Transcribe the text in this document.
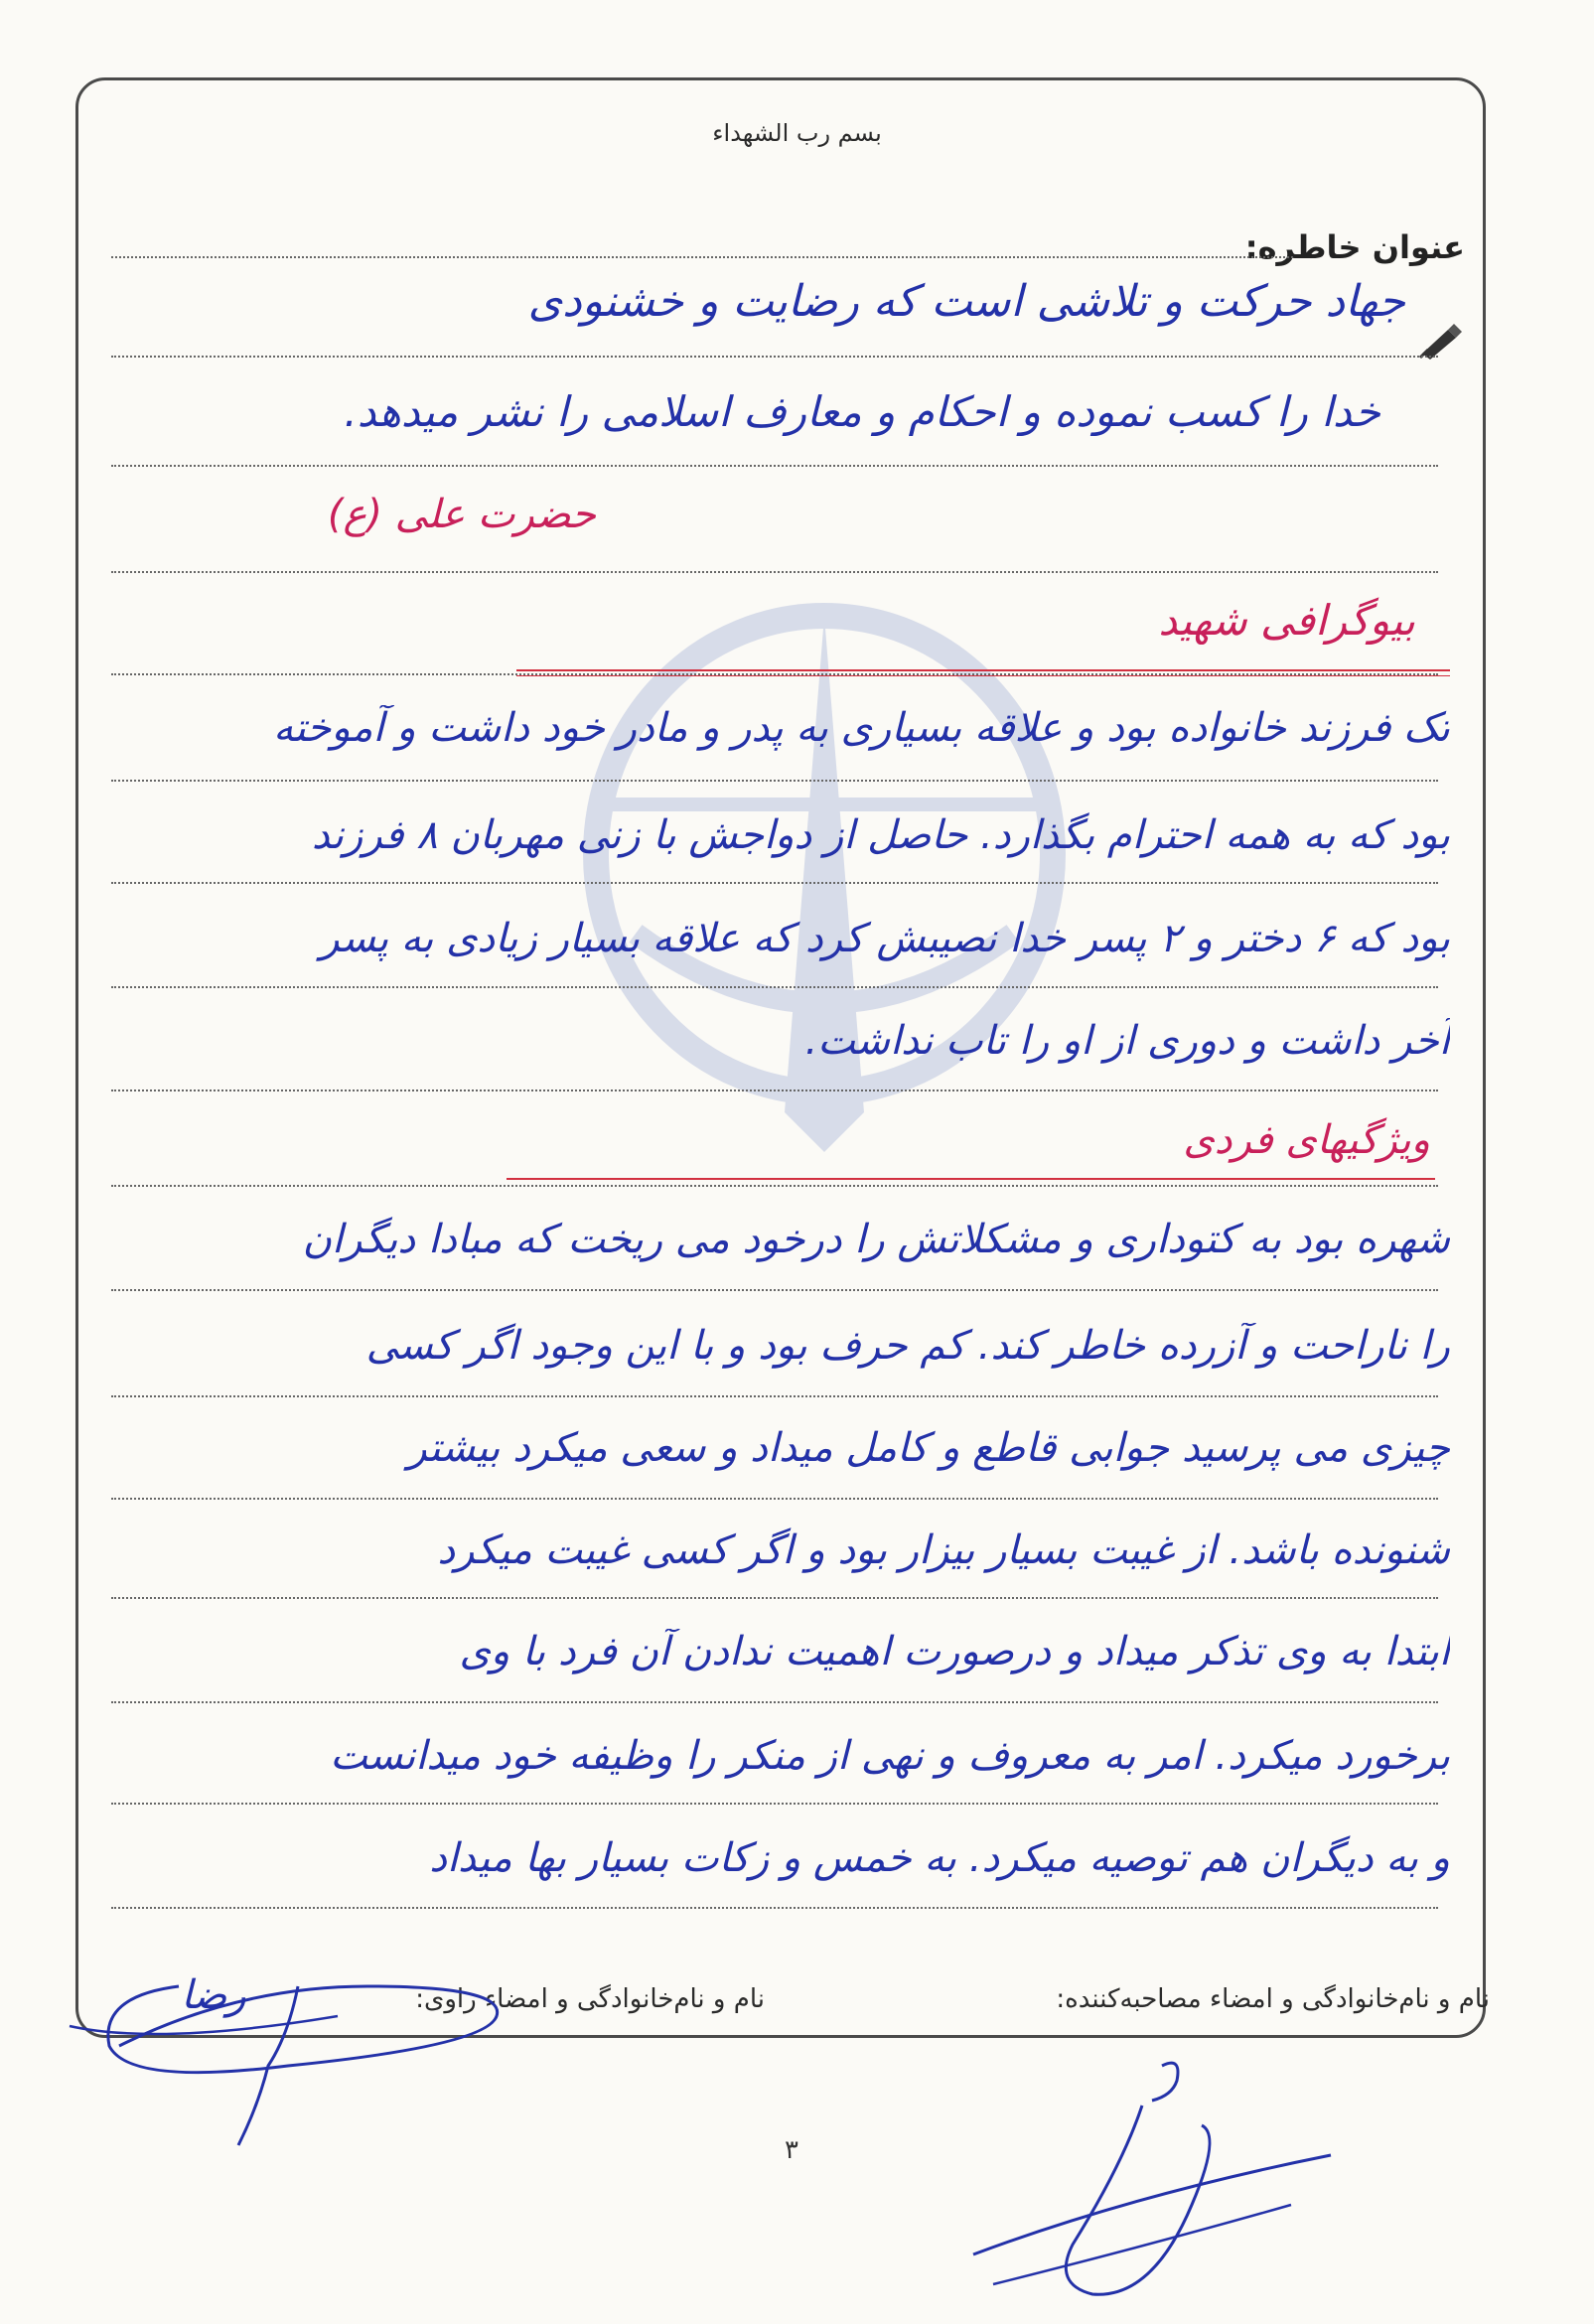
بسم رب الشهداء
عنوان خاطره:
جهاد حرکت و تلاشی است که رضایت و خشنودی
خدا را کسب نموده و احکام و معارف اسلامی را نشر میدهد.
حضرت علی (ع)
بیوگرافی شهید
تک فرزند خانواده بود و علاقه بسیاری به پدر و مادر خود داشت و آموخته
بود که به همه احترام بگذارد. حاصل از دواجش با زنی مهربان ۸ فرزند
بود که ۶ دختر و ۲ پسر خدا نصیبش کرد که علاقه بسیار زیادی به پسر
آخر داشت و دوری از او را تاب نداشت.
ویژگیهای فردی
شهره بود به کتوداری و مشکلاتش را درخود می ریخت که مبادا دیگران
را ناراحت و آزرده خاطر کند. کم حرف بود و با این وجود اگر کسی
چیزی می پرسید جوابی قاطع و کامل میداد و سعی میکرد بیشتر
شنونده باشد. از غیبت بسیار بیزار بود و اگر کسی غیبت میکرد
ابتدا به وی تذکر میداد و درصورت اهمیت ندادن آن فرد با وی
برخورد میکرد. امر به معروف و نهی از منکر را وظیفه خود میدانست
و به دیگران هم توصیه میکرد. به خمس و زکات بسیار بها میداد
نام و نام‌خانوادگی و امضاء مصاحبه‌کننده:
نام و نام‌خانوادگی و امضاء راوی:
رضا
۳
